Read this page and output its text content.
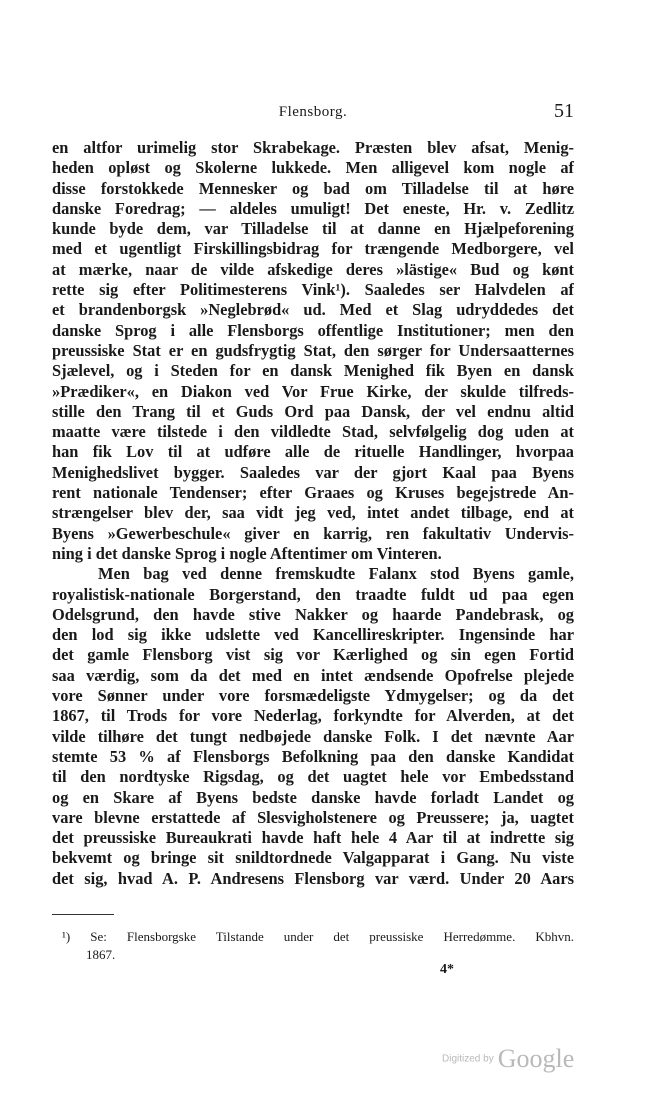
Flensborg.	51
en altfor urimelig stor Skrabekage. Præsten blev afsat, Menig-
heden opløst og Skolerne lukkede. Men alligevel kom nogle af
disse forstokkede Mennesker og bad om Tilladelse til at høre
danske Foredrag; — aldeles umuligt! Det eneste, Hr. v. Zedlitz
kunde byde dem, var Tilladelse til at danne en Hjælpeforening
med et ugentligt Firskillingsbidrag for trængende Medborgere, vel
at mærke, naar de vilde afskedige deres »lästige« Bud og kønt
rette sig efter Politimesterens Vink¹). Saaledes ser Halvdelen af
et brandenborgsk »Neglebrød« ud. Med et Slag udryddedes det
danske Sprog i alle Flensborgs offentlige Institutioner; men den
preussiske Stat er en gudsfrygtig Stat, den sørger for Undersaatternes
Sjælevel, og i Steden for en dansk Menighed fik Byen en dansk
»Prædiker«, en Diakon ved Vor Frue Kirke, der skulde tilfreds-
stille den Trang til et Guds Ord paa Dansk, der vel endnu altid
maatte være tilstede i den vildledte Stad, selvfølgelig dog uden at
han fik Lov til at udføre alle de rituelle Handlinger, hvorpaa
Menighedslivet bygger. Saaledes var der gjort Kaal paa Byens
rent nationale Tendenser; efter Graaes og Kruses begejstrede An-
strængelser blev der, saa vidt jeg ved, intet andet tilbage, end at
Byens »Gewerbeschule« giver en karrig, ren fakultativ Undervis-
ning i det danske Sprog i nogle Aftentimer om Vinteren.
Men bag ved denne fremskudte Falanx stod Byens gamle,
royalistisk-nationale Borgerstand, den traadte fuldt ud paa egen
Odelsgrund, den havde stive Nakker og haarde Pandebrask, og
den lod sig ikke udslette ved Kancellireskripter. Ingensinde har
det gamle Flensborg vist sig vor Kærlighed og sin egen Fortid
saa værdig, som da det med en intet ændsende Opofrelse plejede
vore Sønner under vore forsmædeligste Ydmygelser; og da det
1867, til Trods for vore Nederlag, forkyndte for Alverden, at det
vilde tilhøre det tungt nedbøjede danske Folk. I det nævnte Aar
stemte 53 % af Flensborgs Befolkning paa den danske Kandidat
til den nordtyske Rigsdag, og det uagtet hele vor Embedsstand
og en Skare af Byens bedste danske havde forladt Landet og
vare blevne erstattede af Slesvigholstenere og Preussere; ja, uagtet
det preussiske Bureaukrati havde haft hele 4 Aar til at indrette sig
bekvemt og bringe sit snildtordnede Valgapparat i Gang. Nu viste
det sig, hvad A. P. Andresens Flensborg var værd. Under 20 Aars
¹) Se: Flensborgske Tilstande under det preussiske Herredømme. Kbhvn.
1867.
4*
Digitized by Google
